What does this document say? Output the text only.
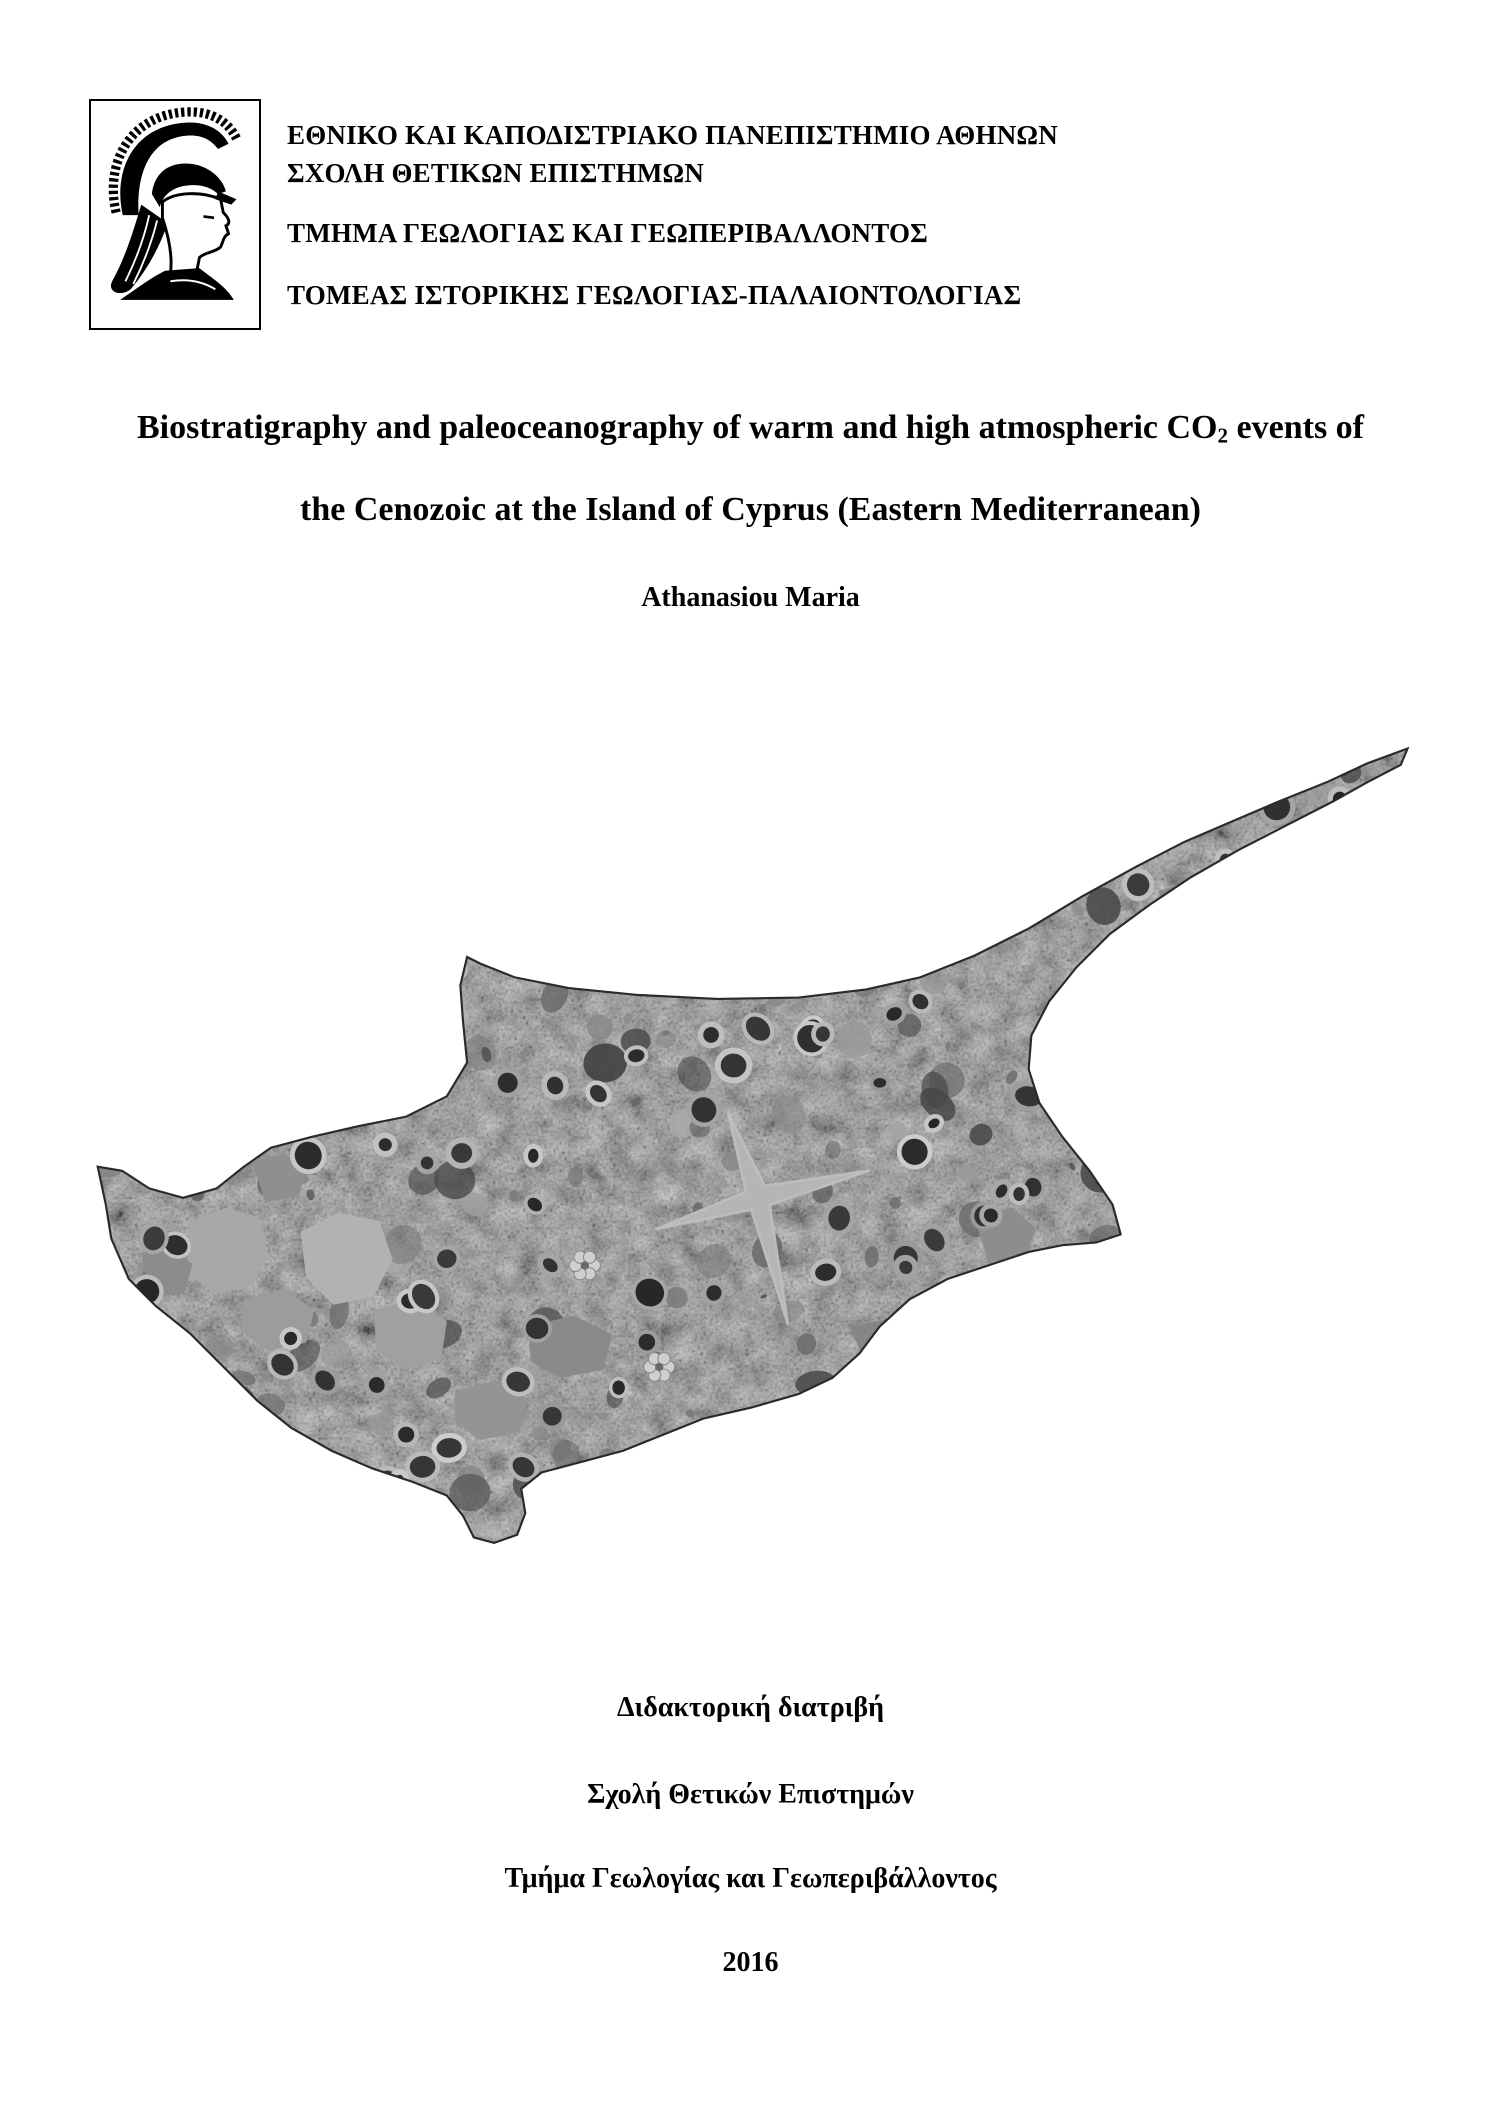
ΕΘΝΙΚΟ ΚΑΙ ΚΑΠΟΔΙΣΤΡΙΑΚΟ ΠΑΝΕΠΙΣΤΗΜΙΟ ΑΘΗΝΩΝ
ΣΧΟΛΗ ΘΕΤΙΚΩΝ ΕΠΙΣΤΗΜΩΝ
ΤΜΗΜΑ ΓΕΩΛΟΓΙΑΣ ΚΑΙ ΓΕΩΠΕΡΙΒΑΛΛΟΝΤΟΣ
ΤΟΜΕΑΣ ΙΣΤΟΡΙΚΗΣ ΓΕΩΛΟΓΙΑΣ-ΠΑΛΑΙΟΝΤΟΛΟΓΙΑΣ
Biostratigraphy and paleoceanography of warm and high atmospheric $CO_2$ events of
the Cenozoic at the Island of Cyprus (Eastern Mediterranean)
Athanasiou Maria
Διδακτορική διατριβή
Σχολή Θετικών Επιστημών
Τμήμα Γεωλογίας και Γεωπεριβάλλοντος
2016
